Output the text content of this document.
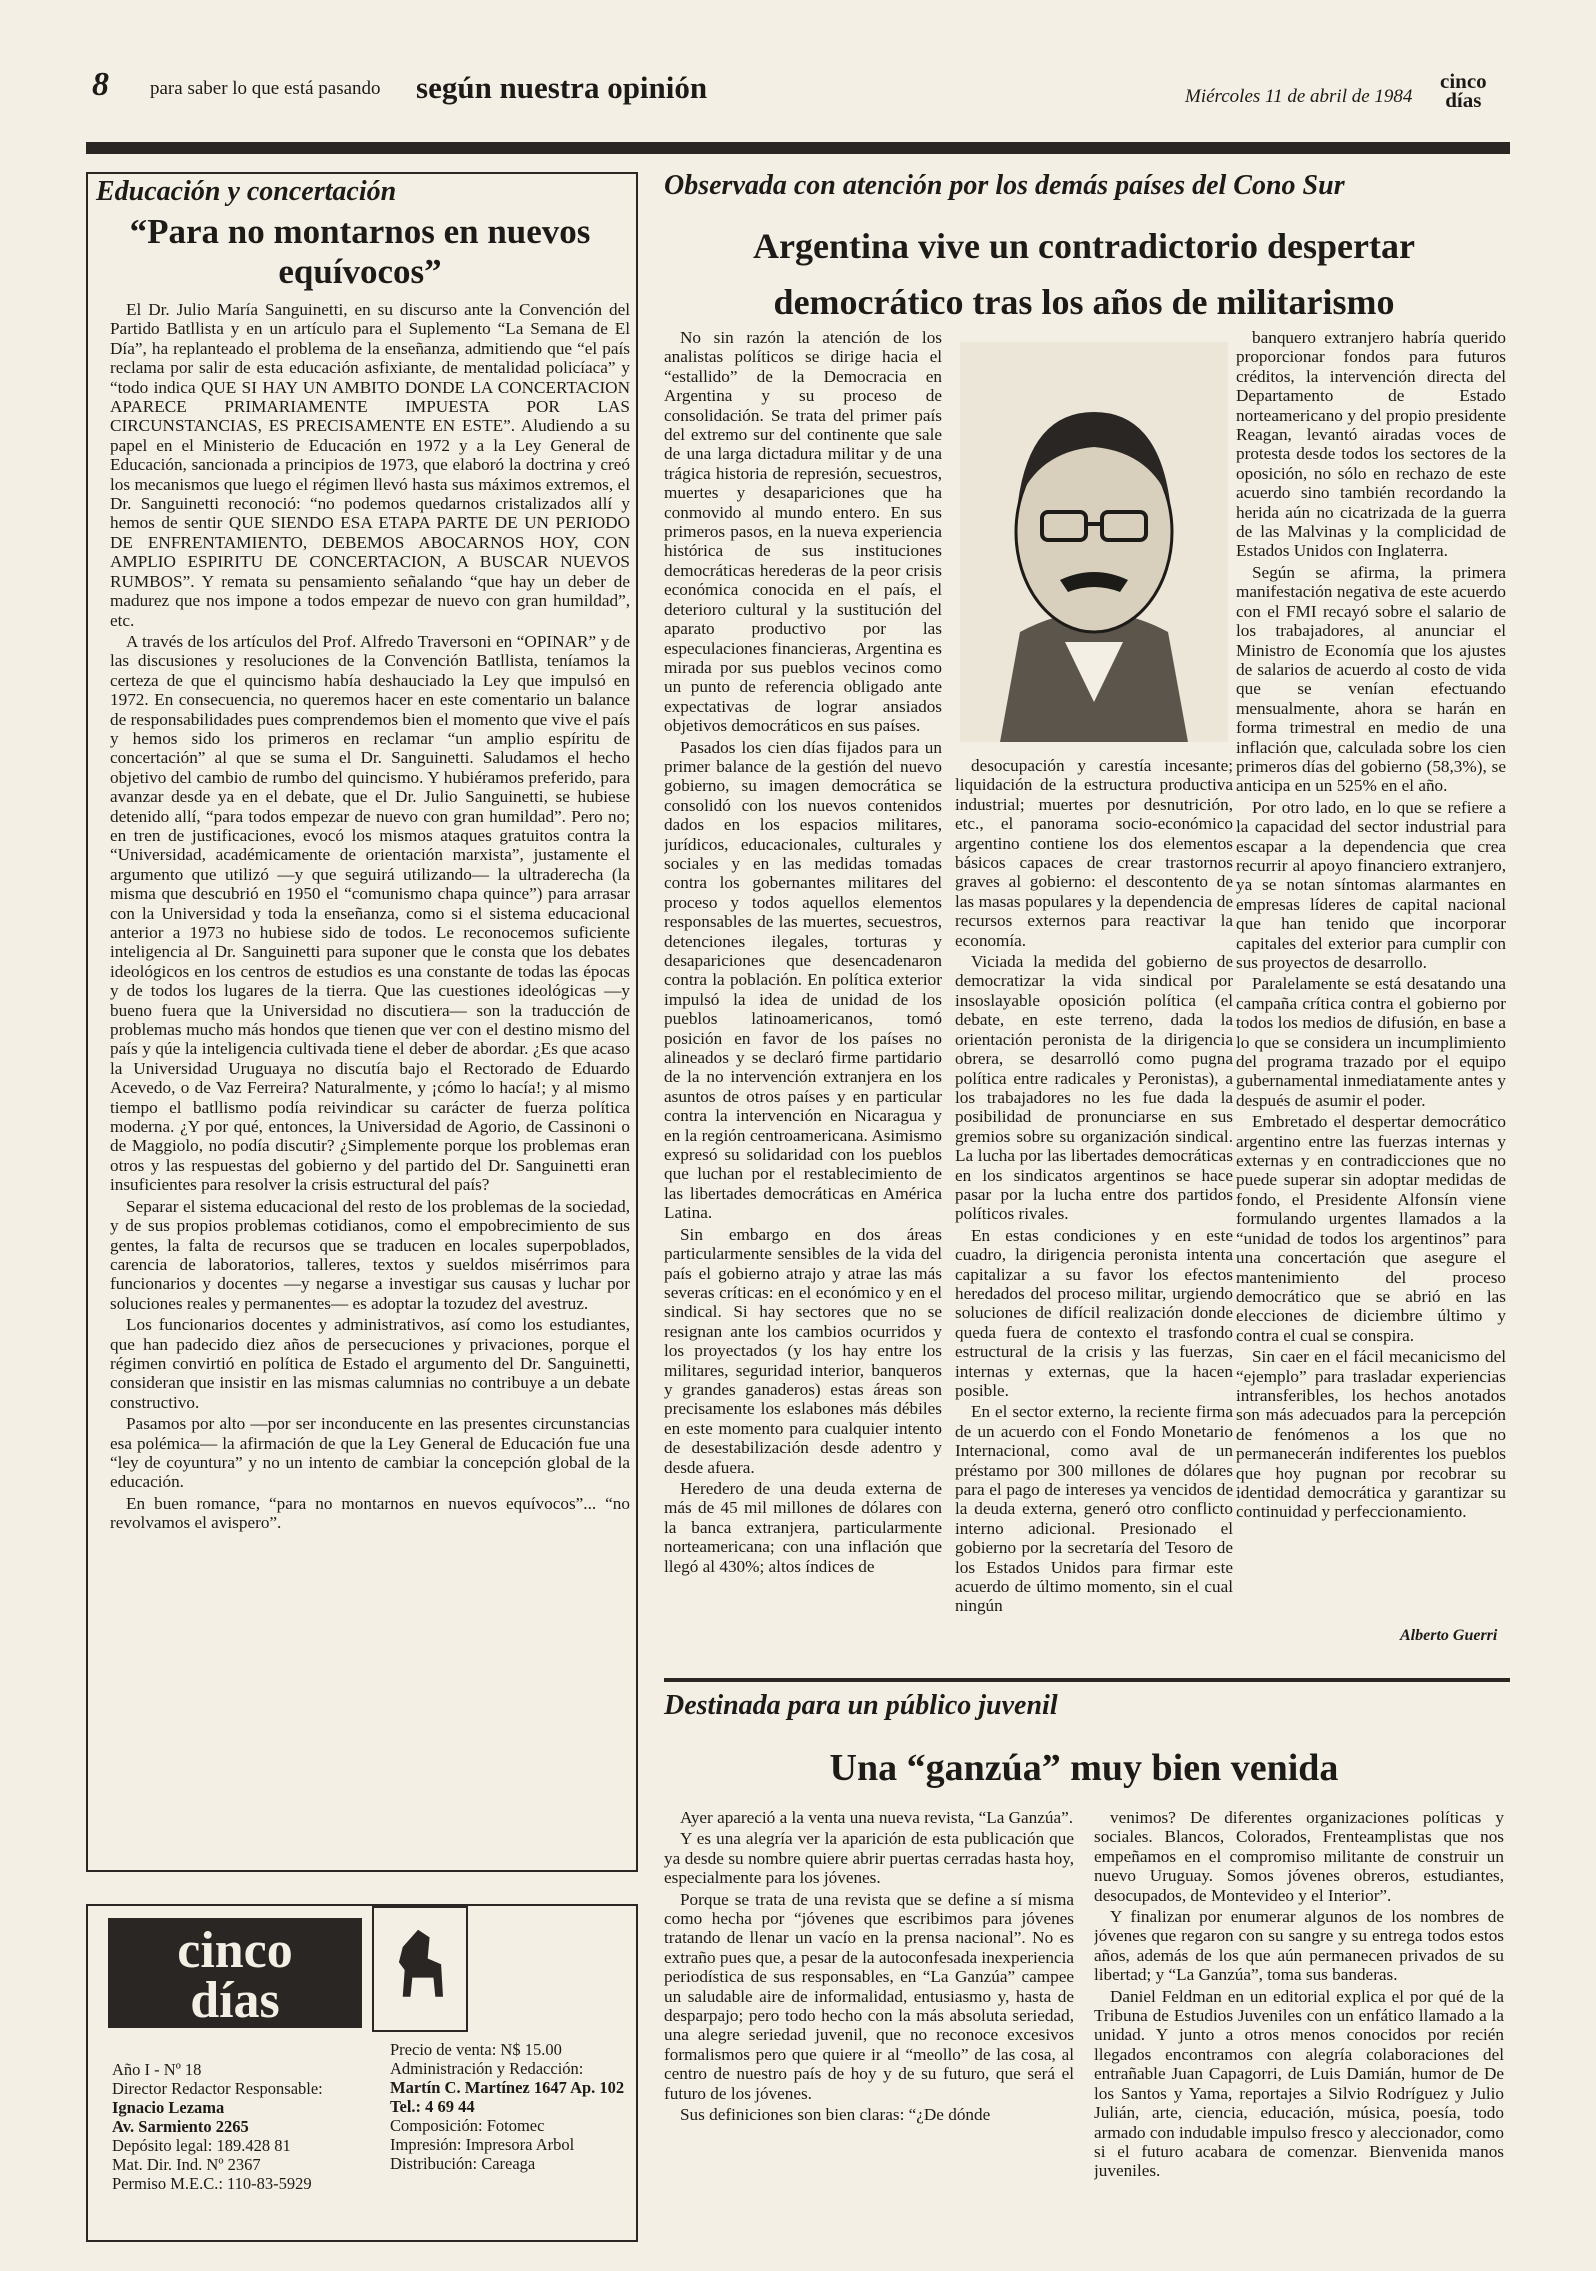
8 para saber lo que está pasando según nuestra opinión	Miércoles 11 de abril de 1984
cinco
días
Educación y concertación
“Para no montarnos en nuevos equívocos”

El Dr. Julio María Sanguinetti, en su discurso ante la Convención del Partido Batllista y en un artículo para el Suplemento “La Semana de El Día”, ha replanteado el problema de la enseñanza, admitiendo que “el país reclama por salir de esta educación asfixiante, de mentalidad policíaca” y “todo indica QUE SI HAY UN AMBITO DONDE LA CONCERTACION APARECE PRIMARIAMENTE IMPUESTA POR LAS CIRCUNSTANCIAS, ES PRECISAMENTE EN ESTE”. Aludiendo a su papel en el Ministerio de Educación en 1972 y a la Ley General de Educación, sancionada a principios de 1973, que elaboró la doctrina y creó los mecanismos que luego el régimen llevó hasta sus máximos extremos, el Dr. Sanguinetti reconoció: “no podemos quedarnos cristalizados allí y hemos de sentir QUE SIENDO ESA ETAPA PARTE DE UN PERIODO DE ENFRENTAMIENTO, DEBEMOS ABOCARNOS HOY, CON AMPLIO ESPIRITU DE CONCERTACION, A BUSCAR NUEVOS RUMBOS”. Y remata su pensamiento señalando “que hay un deber de madurez que nos impone a todos empezar de nuevo con gran humildad”, etc.

A través de los artículos del Prof. Alfredo Traversoni en “OPINAR” y de las discusiones y resoluciones de la Convención Batllista, teníamos la certeza de que el quincismo había deshauciado la Ley que impulsó en 1972. En consecuencia, no queremos hacer en este comentario un balance de responsabilidades pues comprendemos bien el momento que vive el país y hemos sido los primeros en reclamar “un amplio espíritu de concertación” al que se suma el Dr. Sanguinetti. Saludamos el hecho objetivo del cambio de rumbo del quincismo. Y hubiéramos preferido, para avanzar desde ya en el debate, que el Dr. Julio Sanguinetti, se hubiese detenido allí, “para todos empezar de nuevo con gran humildad”. Pero no; en tren de justificaciones, evocó los mismos ataques gratuitos contra la “Universidad, académicamente de orientación marxista”, justamente el argumento que utilizó —y que seguirá utilizando— la ultraderecha (la misma que descubrió en 1950 el “comunismo chapa quince”) para arrasar con la Universidad y toda la enseñanza, como si el sistema educacional anterior a 1973 no hubiese sido de todos. Le reconocemos suficiente inteligencia al Dr. Sanguinetti para suponer que le consta que los debates ideológicos en los centros de estudios es una constante de todas las épocas y de todos los lugares de la tierra. Que las cuestiones ideológicas —y bueno fuera que la Universidad no discutiera— son la traducción de problemas mucho más hondos que tienen que ver con el destino mismo del país y qúe la inteligencia cultivada tiene el deber de abordar. ¿Es que acaso la Universidad Uruguaya no discutía bajo el Rectorado de Eduardo Acevedo, o de Vaz Ferreira? Naturalmente, y ¡cómo lo hacía!; y al mismo tiempo el batllismo podía reivindicar su carácter de fuerza política moderna. ¿Y por qué, entonces, la Universidad de Agorio, de Cassinoni o de Maggiolo, no podía discutir? ¿Simplemente porque los problemas eran otros y las respuestas del gobierno y del partido del Dr. Sanguinetti eran insuficientes para resolver la crisis estructural del país?

Separar el sistema educacional del resto de los problemas de la sociedad, y de sus propios problemas cotidianos, como el empobrecimiento de sus gentes, la falta de recursos que se traducen en locales superpoblados, carencia de laboratorios, talleres, textos y sueldos misérrimos para funcionarios y docentes —y negarse a investigar sus causas y luchar por soluciones reales y permanentes— es adoptar la tozudez del avestruz.

Los funcionarios docentes y administrativos, así como los estudiantes, que han padecido diez años de persecuciones y privaciones, porque el régimen convirtió en política de Estado el argumento del Dr. Sanguinetti, consideran que insistir en las mismas calumnias no contribuye a un debate constructivo.

Pasamos por alto —por ser inconducente en las presentes circunstancias esa polémica— la afirmación de que la Ley General de Educación fue una “ley de coyuntura” y no un intento de cambiar la concepción global de la educación.

En buen romance, “para no montarnos en nuevos equívocos”... “no revolvamos el avispero”.

Observada con atención por los demás países del Cono Sur
Argentina vive un contradictorio despertar democrático tras los años de militarismo

No sin razón la atención de los analistas políticos se dirige hacia el “estallido” de la Democracia en Argentina y su proceso de consolidación. Se trata del primer país del extremo sur del continente que sale de una larga dictadura militar y de una trágica historia de represión, secuestros, muertes y desapariciones que ha conmovido al mundo entero. En sus primeros pasos, en la nueva experiencia histórica de sus instituciones democráticas herederas de la peor crisis económica conocida en el país, el deterioro cultural y la sustitución del aparato productivo por las especulaciones financieras, Argentina es mirada por sus pueblos vecinos como un punto de referencia obligado ante expectativas de lograr ansiados objetivos democráticos en sus países.

Pasados los cien días fijados para un primer balance de la gestión del nuevo gobierno, su imagen democrática se consolidó con los nuevos contenidos dados en los espacios militares, jurídicos, educacionales, culturales y sociales y en las medidas tomadas contra los gobernantes militares del proceso y todos aquellos elementos responsables de las muertes, secuestros, detenciones ilegales, torturas y desapariciones que desencadenaron contra la población. En política exterior impulsó la idea de unidad de los pueblos latinoamericanos, tomó posición en favor de los países no alineados y se declaró firme partidario de la no intervención extranjera en los asuntos de otros países y en particular contra la intervención en Nicaragua y en la región centroamericana. Asimismo expresó su solidaridad con los pueblos que luchan por el restablecimiento de las libertades democráticas en América Latina.

Sin embargo en dos áreas particularmente sensibles de la vida del país el gobierno atrajo y atrae las más severas críticas: en el económico y en el sindical. Si hay sectores que no se resignan ante los cambios ocurridos y los proyectados (y los hay entre los militares, seguridad interior, banqueros y grandes ganaderos) estas áreas son precisamente los eslabones más débiles en este momento para cualquier intento de desestabilización desde adentro y desde afuera.

Heredero de una deuda externa de más de 45 mil millones de dólares con la banca extranjera, particularmente norteamericana; con una inflación que llegó al 430%; altos índices de

desocupación y carestía incesante; liquidación de la estructura productiva industrial; muertes por desnutrición, etc., el panorama socio-económico argentino contiene los dos elementos básicos capaces de crear trastornos graves al gobierno: el descontento de las masas populares y la dependencia de recursos externos para reactivar la economía.

Viciada la medida del gobierno de democratizar la vida sindical por insoslayable oposición política (el debate, en este terreno, dada la orientación peronista de la dirigencia obrera, se desarrolló como pugna política entre radicales y Peronistas), a los trabajadores no les fue dada la posibilidad de pronunciarse en sus gremios sobre su organización sindical. La lucha por las libertades democráticas en los sindicatos argentinos se hace pasar por la lucha entre dos partidos políticos rivales.

En estas condiciones y en este cuadro, la dirigencia peronista intenta capitalizar a su favor los efectos heredados del proceso militar, urgiendo soluciones de difícil realización donde queda fuera de contexto el trasfondo estructural de la crisis y las fuerzas, internas y externas, que la hacen posible.

En el sector externo, la reciente firma de un acuerdo con el Fondo Monetario Internacional, como aval de un préstamo por 300 millones de dólares para el pago de intereses ya vencidos de la deuda externa, generó otro conflicto interno adicional. Presionado el gobierno por la secretaría del Tesoro de los Estados Unidos para firmar este acuerdo de último momento, sin el cual ningún

banquero extranjero habría querido proporcionar fondos para futuros créditos, la intervención directa del Departamento de Estado norteamericano y del propio presidente Reagan, levantó airadas voces de protesta desde todos los sectores de la oposición, no sólo en rechazo de este acuerdo sino también recordando la herida aún no cicatrizada de la guerra de las Malvinas y la complicidad de Estados Unidos con Inglaterra.

Según se afirma, la primera manifestación negativa de este acuerdo con el FMI recayó sobre el salario de los trabajadores, al anunciar el Ministro de Economía que los ajustes de salarios de acuerdo al costo de vida que se venían efectuando mensualmente, ahora se harán en forma trimestral en medio de una inflación que, calculada sobre los cien primeros días del gobierno (58,3%), se anticipa en un 525% en el año.

Por otro lado, en lo que se refiere a la capacidad del sector industrial para escapar a la dependencia que crea recurrir al apoyo financiero extranjero, ya se notan síntomas alarmantes en empresas líderes de capital nacional que han tenido que incorporar capitales del exterior para cumplir con sus proyectos de desarrollo.

Paralelamente se está desatando una campaña crítica contra el gobierno por todos los medios de difusión, en base a lo que se considera un incumplimiento del programa trazado por el equipo gubernamental inmediatamente antes y después de asumir el poder.

Embretado el despertar democrático argentino entre las fuerzas internas y externas y en contradicciones que no puede superar sin adoptar medidas de fondo, el Presidente Alfonsín viene formulando urgentes llamados a la “unidad de todos los argentinos” para una concertación que asegure el mantenimiento del proceso democrático que se abrió en las elecciones de diciembre último y contra el cual se conspira.

Sin caer en el fácil mecanicismo del “ejemplo” para trasladar experiencias intransferibles, los hechos anotados son más adecuados para la percepción de fenómenos a los que no permanecerán indiferentes los pueblos que hoy pugnan por recobrar su identidad democrática y garantizar su continuidad y perfeccionamiento.

Alberto Guerri
Destinada para un público juvenil
Una “ganzúa” muy bien venida

Ayer apareció a la venta una nueva revista, “La Ganzúa”.

Y es una alegría ver la aparición de esta publicación que ya desde su nombre quiere abrir puertas cerradas hasta hoy, especialmente para los jóvenes.

Porque se trata de una revista que se define a sí misma como hecha por “jóvenes que escribimos para jóvenes tratando de llenar un vacío en la prensa nacional”. No es extraño pues que, a pesar de la autoconfesada inexperiencia periodística de sus responsables, en “La Ganzúa” campee un saludable aire de informalidad, entusiasmo y, hasta de desparpajo; pero todo hecho con la más absoluta seriedad, una alegre seriedad juvenil, que no reconoce excesivos formalismos pero que quiere ir al “meollo” de las cosa, al centro de nuestro país de hoy y de su futuro, que será el futuro de los jóvenes.

Sus definiciones son bien claras: “¿De dónde

venimos? De diferentes organizaciones políticas y sociales. Blancos, Colorados, Frenteamplistas que nos empeñamos en el compromiso militante de construir un nuevo Uruguay. Somos jóvenes obreros, estudiantes, desocupados, de Montevideo y el Interior”.

Y finalizan por enumerar algunos de los nombres de jóvenes que regaron con su sangre y su entrega todos estos años, además de los que aún permanecen privados de su libertad; y “La Ganzúa”, toma sus banderas.

Daniel Feldman en un editorial explica el por qué de la Tribuna de Estudios Juveniles con un enfático llamado a la unidad. Y junto a otros menos conocidos por recién llegados encontramos con alegría colaboraciones del entrañable Juan Capagorri, de Luis Damián, humor de De los Santos y Yama, reportajes a Silvio Rodríguez y Julio Julián, arte, ciencia, educación, música, poesía, todo armado con indudable impulso fresco y aleccionador, como si el futuro acabara de comenzar. Bienvenida manos juveniles.

cinco
días
Año I - Nº 18
Director Redactor Responsable:
Ignacio Lezama
Av. Sarmiento 2265
Depósito legal: 189.428 81
Mat. Dir. Ind. Nº 2367
Permiso M.E.C.: 110-83-5929
Precio de venta: N$ 15.00
Administración y Redacción:
Martín C. Martínez 1647 Ap. 102
Tel.: 4 69 44
Composición: Fotomec
Impresión: Impresora Arbol
Distribución: Careaga
